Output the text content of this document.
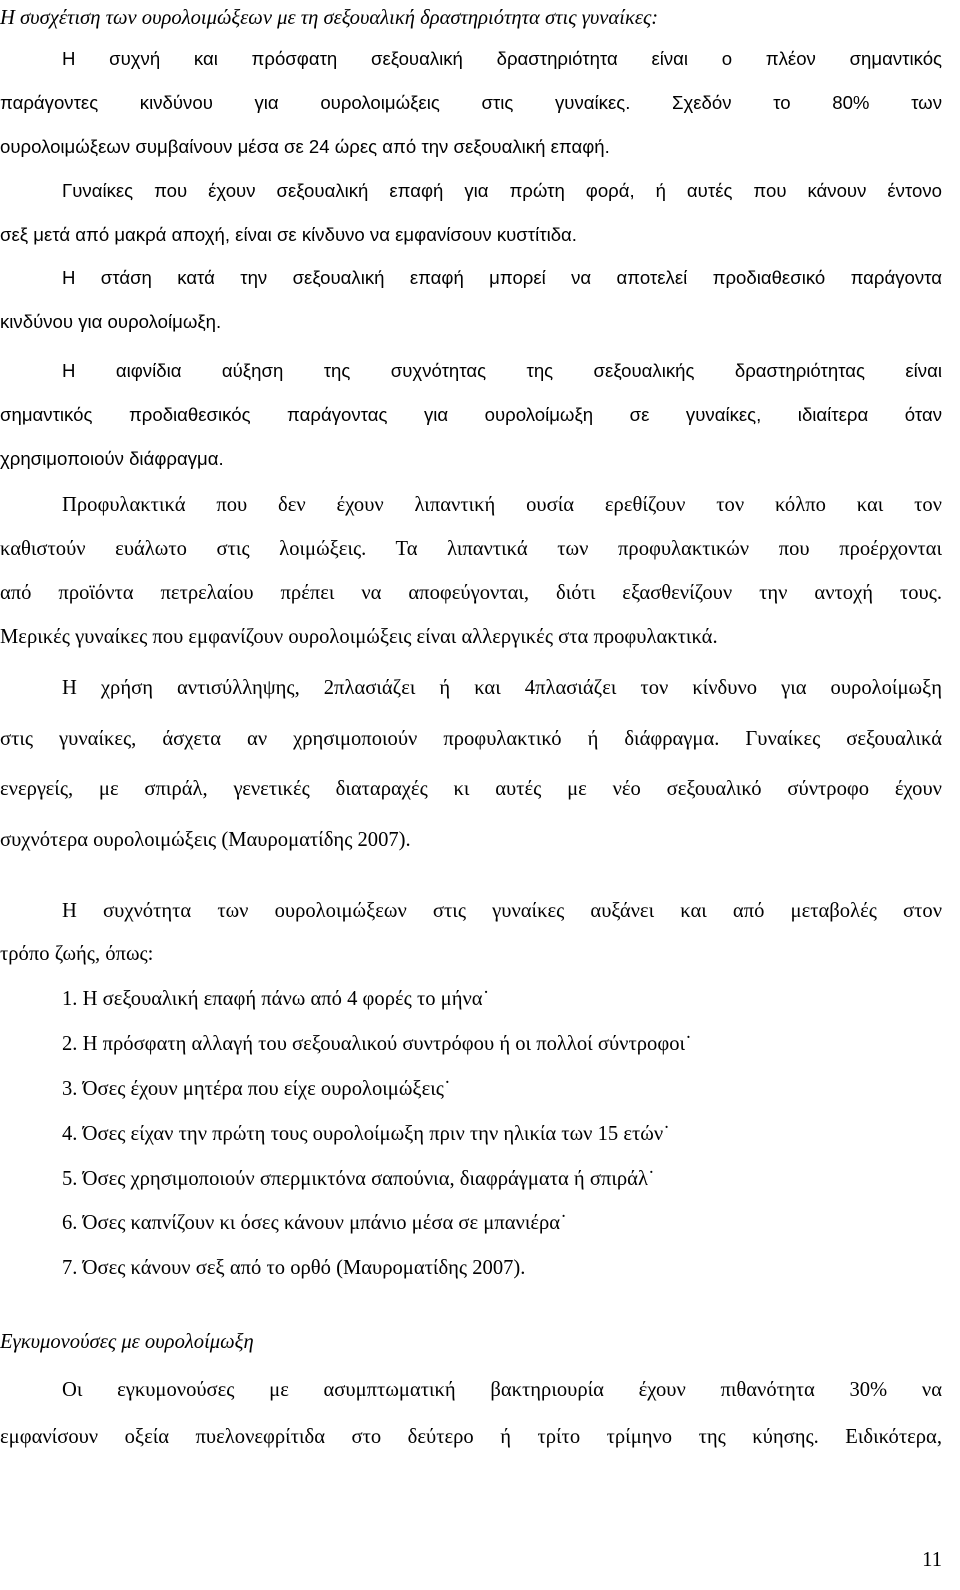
Η συσχέτιση των ουρολοιμώξεων με τη σεξουαλική δραστηριότητα στις γυναίκες:
Η συχνή και πρόσφατη σεξουαλική δραστηριότητα είναι ο πλέον σημαντικός
παράγοντες κινδύνου για ουρολοιμώξεις στις γυναίκες. Σχεδόν το 80% των
ουρολοιμώξεων συμβαίνουν μέσα σε 24 ώρες από την σεξουαλική επαφή.
Γυναίκες που έχουν σεξουαλική επαφή για πρώτη φορά, ή αυτές που κάνουν έντονο
σεξ μετά από μακρά αποχή, είναι σε κίνδυνο να εμφανίσουν κυστίτιδα.
Η στάση κατά την σεξουαλική επαφή μπορεί να αποτελεί προδιαθεσικό παράγοντα
κινδύνου για ουρολοίμωξη.
Η αιφνίδια αύξηση της συχνότητας της σεξουαλικής δραστηριότητας είναι
σημαντικός προδιαθεσικός παράγοντας για ουρολοίμωξη σε γυναίκες, ιδιαίτερα όταν
χρησιμοποιούν διάφραγμα.
Προφυλακτικά που δεν έχουν λιπαντική ουσία ερεθίζουν τον κόλπο και τον
καθιστούν ευάλωτο στις λοιμώξεις. Τα λιπαντικά των προφυλακτικών που προέρχονται
από προϊόντα πετρελαίου πρέπει να αποφεύγονται, διότι εξασθενίζουν την αντοχή τους.
Μερικές γυναίκες που εμφανίζουν ουρολοιμώξεις είναι αλλεργικές στα προφυλακτικά.
Η χρήση αντισύλληψης, 2πλασιάζει ή και 4πλασιάζει τον κίνδυνο για ουρολοίμωξη
στις γυναίκες, άσχετα αν χρησιμοποιούν προφυλακτικό ή διάφραγμα. Γυναίκες σεξουαλικά
ενεργείς, με σπιράλ, γενετικές διαταραχές κι αυτές με νέο σεξουαλικό σύντροφο έχουν
συχνότερα ουρολοιμώξεις (Μαυροματίδης 2007).
Η συχνότητα των ουρολοιμώξεων στις γυναίκες αυξάνει και από μεταβολές στον
τρόπο ζωής, όπως:
1. Η σεξουαλική επαφή πάνω από 4 φορές το μήνα˙
2. Η πρόσφατη αλλαγή του σεξουαλικού συντρόφου ή οι πολλοί σύντροφοι˙
3. Όσες έχουν μητέρα που είχε ουρολοιμώξεις˙
4. Όσες είχαν την πρώτη τους ουρολοίμωξη πριν την ηλικία των 15 ετών˙
5. Όσες χρησιμοποιούν σπερμικτόνα σαπούνια, διαφράγματα ή σπιράλ˙
6. Όσες καπνίζουν κι όσες κάνουν μπάνιο μέσα σε μπανιέρα˙
7. Όσες κάνουν σεξ από το ορθό (Μαυροματίδης 2007).
Εγκυμονούσες με ουρολοίμωξη
Οι εγκυμονούσες με ασυμπτωματική βακτηριουρία έχουν πιθανότητα 30% να
εμφανίσουν οξεία πυελονεφρίτιδα στο δεύτερο ή τρίτο τρίμηνο της κύησης. Ειδικότερα,
11
